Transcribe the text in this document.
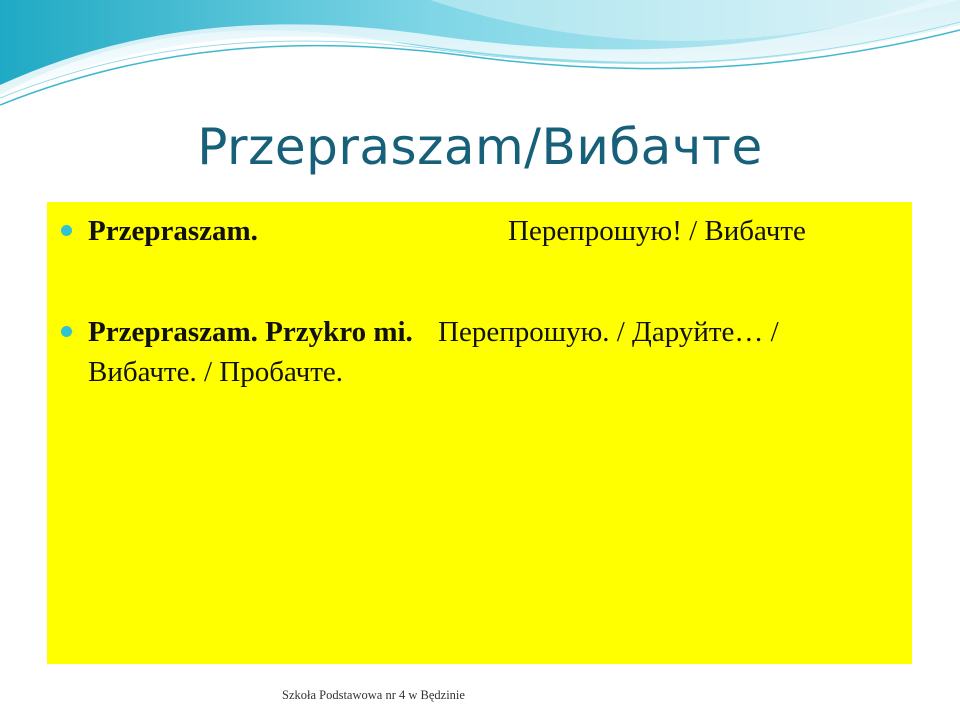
Przepraszam/Вибачте
Przepraszam.	Перепрошую! / Вибачте
Przepraszam. Przykro mi. Перепрошую. / Даруйте… / Вибачте. / Пробачте.
Szkoła Podstawowa nr 4 w Będzinie
